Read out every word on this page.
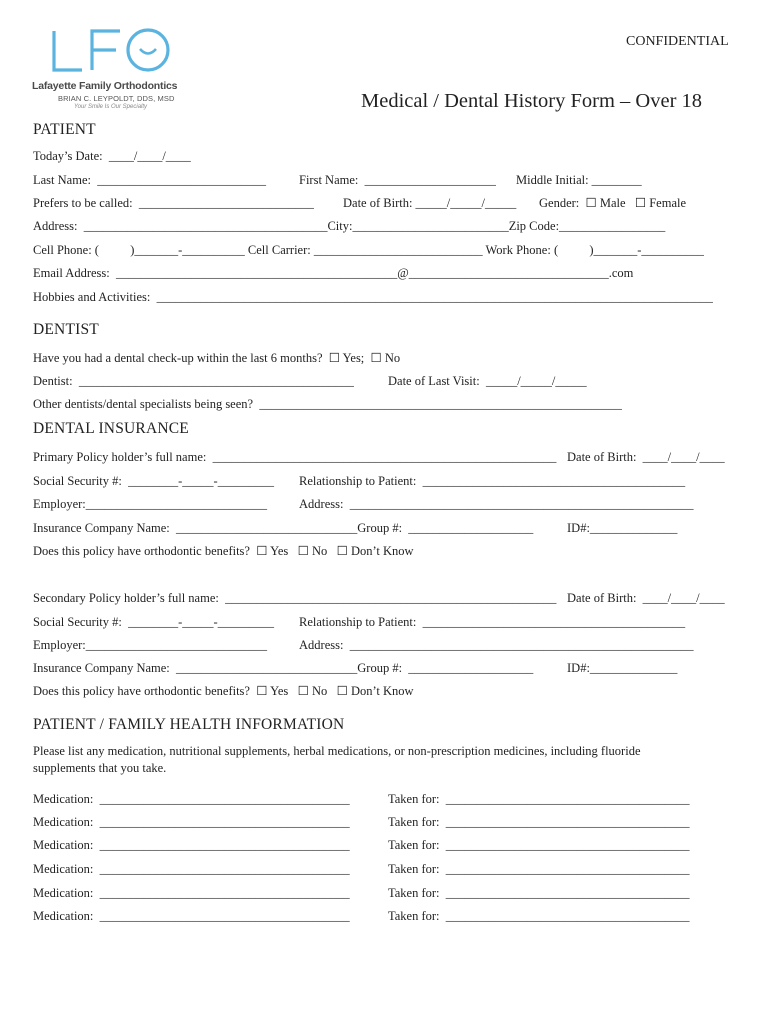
Lafayette Family Orthodontics

BRIAN C. LEYPOLDT, DDS, MSD

Your Smile Is Our Specialty

CONFIDENTIAL
Medical / Dental History Form – Over 18
PATIENT
Today’s Date:  ____/____/____
Last Name:  ___________________________	First Name:  _____________________ Middle Initial: ________
Prefers to be called:  ____________________________ Date of Birth: _____/_____/_____ Gender:  ☐ Male   ☐ Female
Address:  _______________________________________City:_________________________Zip Code:_________________
Cell Phone: (          )_______-__________ Cell Carrier: ___________________________ Work Phone: (          )_______-__________
Email Address:  _____________________________________________@________________________________.com
Hobbies and Activities:  _________________________________________________________________________________________
DENTIST
Have you had a dental check-up within the last 6 months?  ☐ Yes;  ☐ No
Dentist:  ____________________________________________	Date of Last Visit:  _____/_____/_____
Other dentists/dental specialists being seen?  __________________________________________________________
DENTAL INSURANCE
Primary Policy holder’s full name:  _______________________________________________________ Date of Birth:  ____/____/____
Social Security #:  ________-_____-_________ Relationship to Patient:  __________________________________________
Employer:_____________________________	Address:  _______________________________________________________
Insurance Company Name:  _____________________________Group #:  ____________________	ID#:______________
Does this policy have orthodontic benefits?  ☐ Yes   ☐ No   ☐ Don’t Know
Secondary Policy holder’s full name:  _____________________________________________________ Date of Birth:  ____/____/____
Social Security #:  ________-_____-_________ Relationship to Patient:  __________________________________________
Employer:_____________________________	Address:  _______________________________________________________
Insurance Company Name:  _____________________________Group #:  ____________________	ID#:______________
Does this policy have orthodontic benefits?  ☐ Yes   ☐ No   ☐ Don’t Know
PATIENT / FAMILY HEALTH INFORMATION
Please list any medication, nutritional supplements, herbal medications, or non-prescription medicines, including fluoride
supplements that you take.
Medication:  ________________________________________	Taken for:  _______________________________________
Medication:  ________________________________________	Taken for:  _______________________________________
Medication:  ________________________________________	Taken for:  _______________________________________
Medication:  ________________________________________	Taken for:  _______________________________________
Medication:  ________________________________________	Taken for:  _______________________________________
Medication:  ________________________________________	Taken for:  _______________________________________
